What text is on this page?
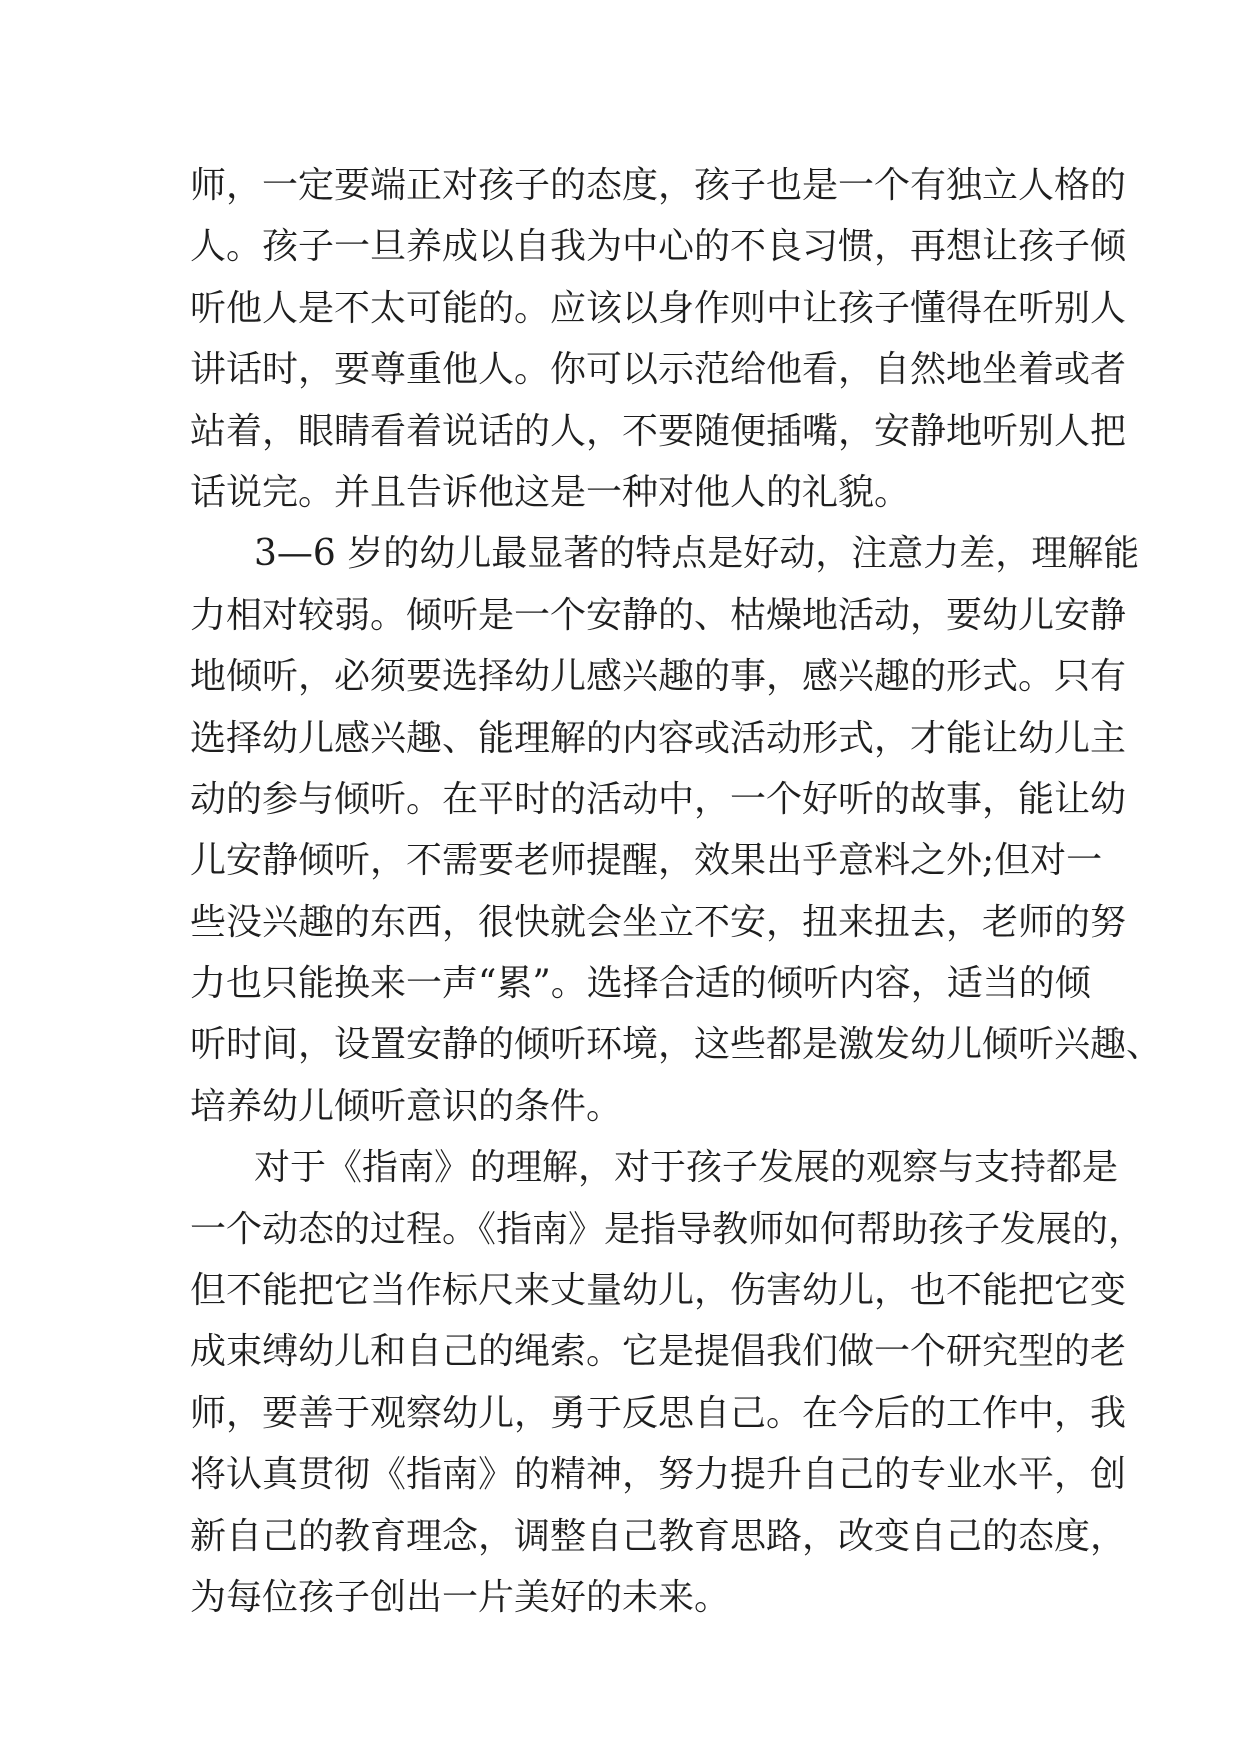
师，一定要端正对孩子的态度，孩子也是一个有独立人格的
人。孩子一旦养成以自我为中心的不良习惯，再想让孩子倾
听他人是不太可能的。应该以身作则中让孩子懂得在听别人
讲话时，要尊重他人。你可以示范给他看，自然地坐着或者
站着，眼睛看着说话的人，不要随便插嘴，安静地听别人把
话说完。并且告诉他这是一种对他人的礼貌。
3—6 岁的幼儿最显著的特点是好动，注意力差，理解能
力相对较弱。倾听是一个安静的、枯燥地活动，要幼儿安静
地倾听，必须要选择幼儿感兴趣的事，感兴趣的形式。只有
选择幼儿感兴趣、能理解的内容或活动形式，才能让幼儿主
动的参与倾听。在平时的活动中，一个好听的故事，能让幼
儿安静倾听，不需要老师提醒，效果出乎意料之外;但对一
些没兴趣的东西，很快就会坐立不安，扭来扭去，老师的努
力也只能换来一声“累”。选择合适的倾听内容，适当的倾
听时间，设置安静的倾听环境，这些都是激发幼儿倾听兴趣、
培养幼儿倾听意识的条件。
对于《指南》的理解，对于孩子发展的观察与支持都是
一个动态的过程。《指南》是指导教师如何帮助孩子发展的，
但不能把它当作标尺来丈量幼儿，伤害幼儿，也不能把它变
成束缚幼儿和自己的绳索。它是提倡我们做一个研究型的老
师，要善于观察幼儿，勇于反思自己。在今后的工作中，我
将认真贯彻《指南》的精神，努力提升自己的专业水平，创
新自己的教育理念，调整自己教育思路，改变自己的态度，
为每位孩子创出一片美好的未来。
